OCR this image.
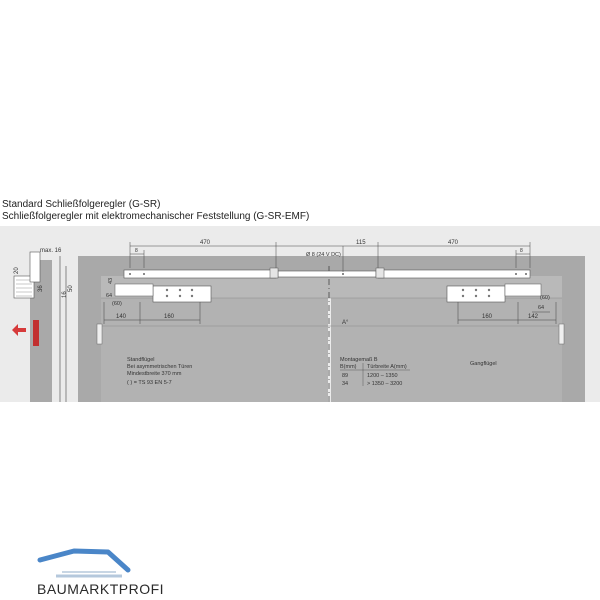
Standard Schließfolgeregler (G-SR)
Schließfolgeregler mit elektromechanischer Feststellung (G-SR-EMF)
max. 16
20
50
36
16
470	115	470
8	8
Ø 8 (24 V DC)
43
64
(60)
140	160
(60)
64
160	142
A°
Standflügel
Bei asymmetrischen Türen
Mindestbreite 370 mm
( ) = TS 93 EN 5-7
Montagemaß B
B(mm) Türbreite A(mm)
89	1200 – 1350
34	> 1350 – 3200
Gangflügel
BAUMARKTPROFI
